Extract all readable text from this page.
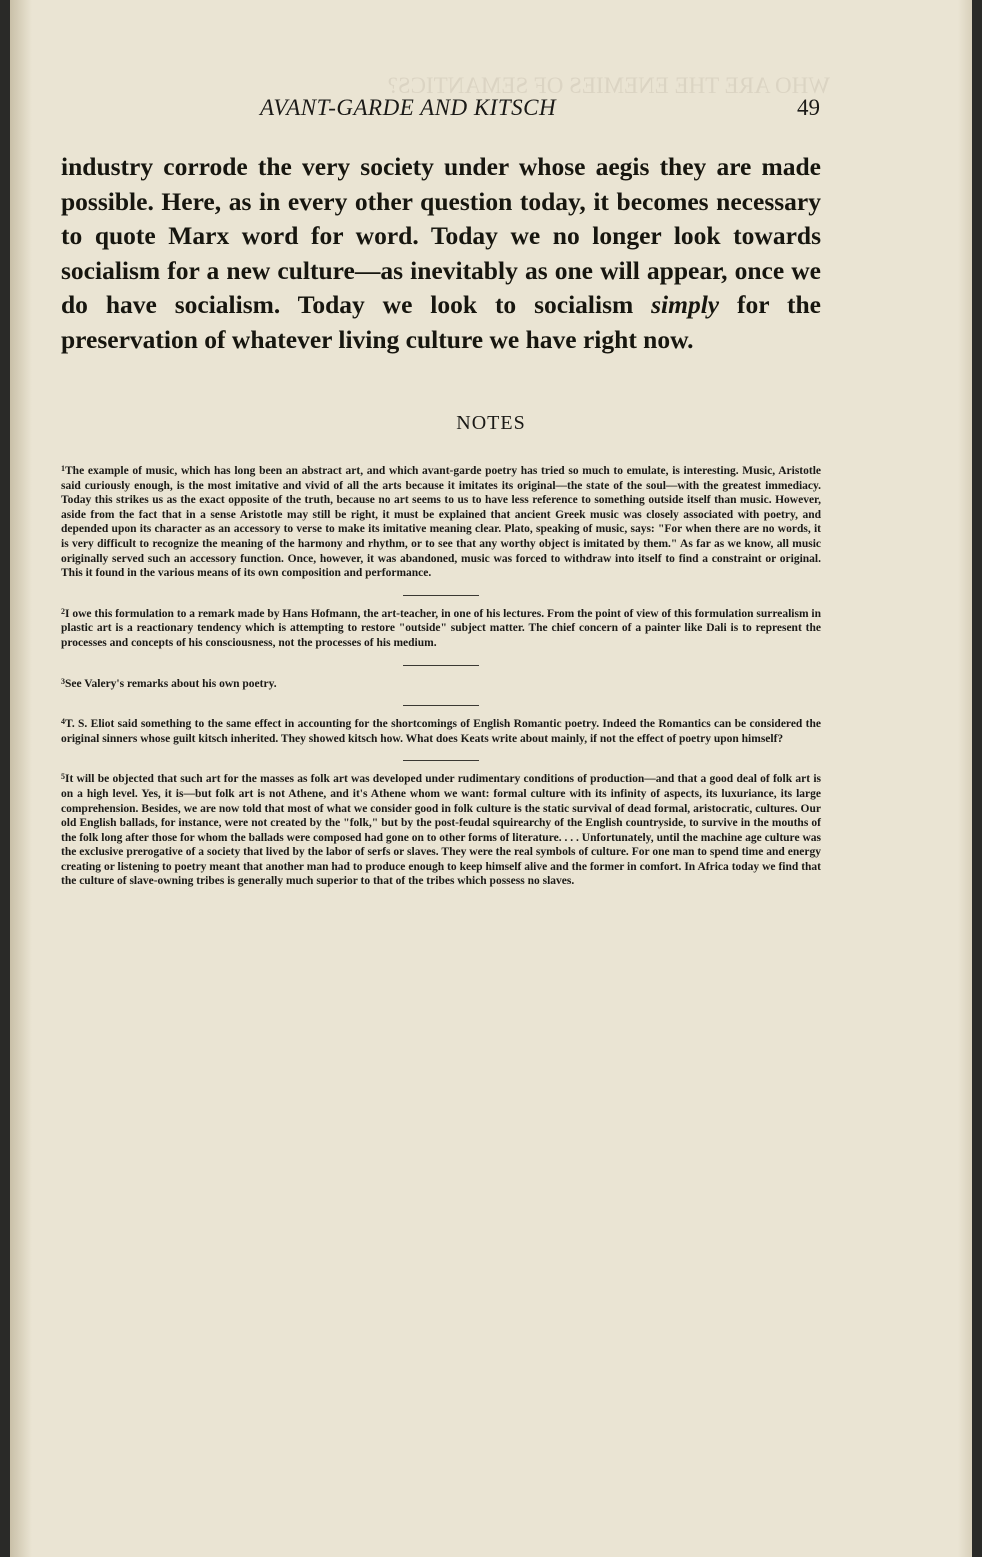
WHO ARE THE ENEMIES OF SEMANTICS?
AVANT-GARDE AND KITSCH	49

industry corrode the very society under whose aegis they are made possible. Here, as in every other question today, it becomes necessary to quote Marx word for word. Today we no longer look towards socialism for a new culture—as inevitably as one will appear, once we do have socialism. Today we look to socialism simply for the preservation of whatever living culture we have right now.

NOTES

$^1$The example of music, which has long been an abstract art, and which avant-garde poetry has tried so much to emulate, is interesting. Music, Aristotle said curiously enough, is the most imitative and vivid of all the arts because it imitates its original—the state of the soul—with the greatest immediacy. Today this strikes us as the exact opposite of the truth, because no art seems to us to have less reference to something outside itself than music. However, aside from the fact that in a sense Aristotle may still be right, it must be explained that ancient Greek music was closely associated with poetry, and depended upon its character as an accessory to verse to make its imitative meaning clear. Plato, speaking of music, says: "For when there are no words, it is very difficult to recognize the meaning of the harmony and rhythm, or to see that any worthy object is imitated by them." As far as we know, all music originally served such an accessory function. Once, however, it was abandoned, music was forced to withdraw into itself to find a constraint or original. This it found in the various means of its own composition and performance.

$^2$I owe this formulation to a remark made by Hans Hofmann, the art-teacher, in one of his lectures. From the point of view of this formulation surrealism in plastic art is a reactionary tendency which is attempting to restore "outside" subject matter. The chief concern of a painter like Dali is to represent the processes and concepts of his consciousness, not the processes of his medium.

$^3$See Valery's remarks about his own poetry.

$^4$T. S. Eliot said something to the same effect in accounting for the shortcomings of English Romantic poetry. Indeed the Romantics can be considered the original sinners whose guilt kitsch inherited. They showed kitsch how. What does Keats write about mainly, if not the effect of poetry upon himself?

$^5$It will be objected that such art for the masses as folk art was developed under rudimentary conditions of production—and that a good deal of folk art is on a high level. Yes, it is—but folk art is not Athene, and it's Athene whom we want: formal culture with its infinity of aspects, its luxuriance, its large comprehension. Besides, we are now told that most of what we consider good in folk culture is the static survival of dead formal, aristocratic, cultures. Our old English ballads, for instance, were not created by the "folk," but by the post-feudal squirearchy of the English countryside, to survive in the mouths of the folk long after those for whom the ballads were composed had gone on to other forms of literature. . . . Unfortunately, until the machine age culture was the exclusive prerogative of a society that lived by the labor of serfs or slaves. They were the real symbols of culture. For one man to spend time and energy creating or listening to poetry meant that another man had to produce enough to keep himself alive and the former in comfort. In Africa today we find that the culture of slave-owning tribes is generally much superior to that of the tribes which possess no slaves.
